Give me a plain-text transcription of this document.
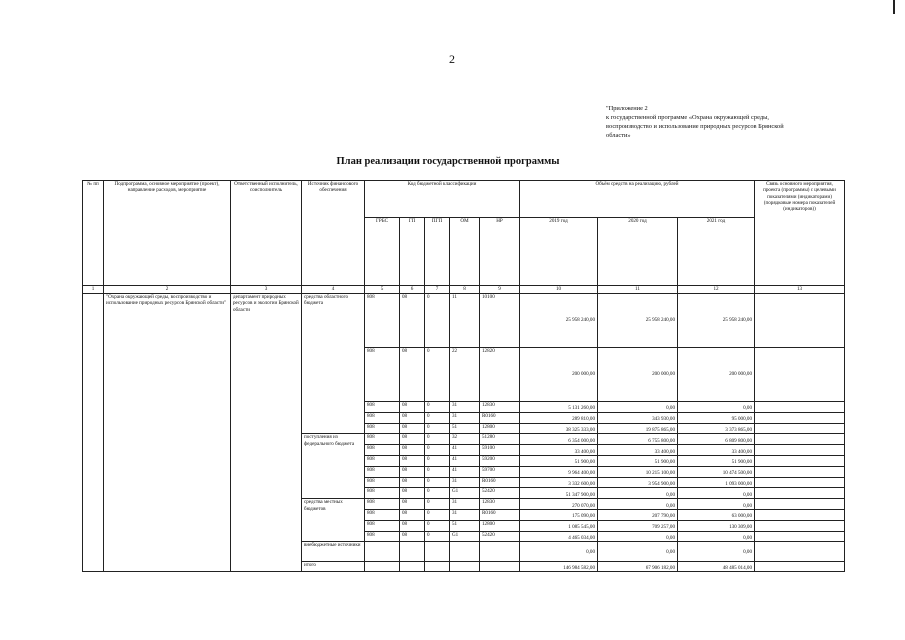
2
"Приложение 2
к государственной программе «Охрана окружающей среды,
воспроизводство и использование природных ресурсов Брянской
области»
План реализации государственной программы
№ пп	Подпрограмма, основное мероприятие (проект), направление расходов, мероприятие	Ответственный исполнитель, соисполнитель	Источник финансового обеспечения	Код бюджетной классификации					Объём средств на реализацию, рублей			Связь основного мероприятия, проекта (программы) с целевыми показателями (индикаторами) (порядковые номера показателей (индикаторов))
				ГРБС	ГП	ПГП	ОМ	НР	2019 год	2020 год	2021 год	
1	2	3	4	5	6	7	8	9	10	11	12	13
	"Охрана окружающей среды, воспроизводство и использование природных ресурсов Брянской области"	департамент природных ресурсов и экологии Брянской области	средства областного бюджета	808	08	0	11	10100	25 958 240,00	25 958 240,00	25 958 240,00	
				808	08	0	22	12820	200 000,00	200 000,00	200 000,00	
				808	08	0	31	12830	5 131 260,00	0,00	0,00	
				808	08	0	31	R0160	289 810,00	343 930,00	95 000,00	
				808	08	0	51	12800	38 325 333,00	19 875 865,00	3 373 865,00	
			поступления из федерального бюджета	808	08	0	32	51280	6 354 000,00	6 755 800,00	6 809 800,00	
				808	08	0	41	59100	33 400,00	33 400,00	33 400,00	
				808	08	0	41	59200	51 900,00	51 900,00	51 900,00	
				808	08	0	41	59700	9 964 400,00	10 215 100,00	10 474 500,00	
				808	08	0	31	R0160	3 332 600,00	3 954 900,00	1 093 000,00	
				808	08	0	G1	52420	51 347 900,00	0,00	0,00	
			средства местных бюджетов	808	08	0	31	12830	270 070,00	0,00	0,00	
				808	08	0	31	R0160	175 090,00	207 790,00	63 000,00	
				808	08	0	51	12800	1 085 545,00	709 257,00	130 309,00	
				808	08	0	G1	52420	4 465 034,00	0,00	0,00	
			внебюджетные источники						0,00	0,00	0,00	
			итого						146 984 582,00	67 906 182,00	48 485 014,00	
